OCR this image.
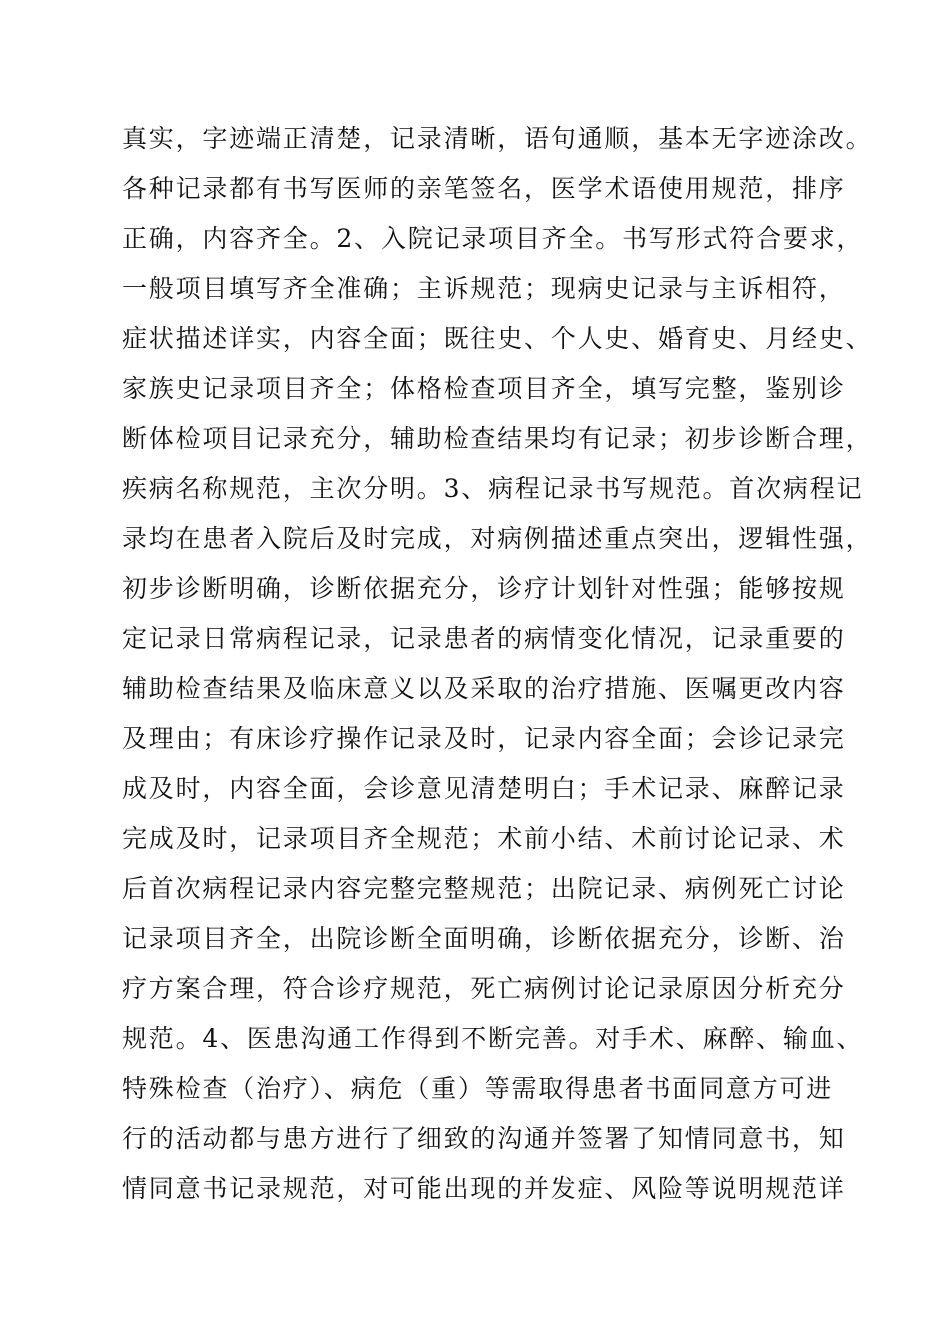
真实，字迹端正清楚，记录清晰，语句通顺，基本无字迹涂改。
各种记录都有书写医师的亲笔签名，医学术语使用规范，排序
正确，内容齐全。2、入院记录项目齐全。书写形式符合要求，
一般项目填写齐全准确；主诉规范；现病史记录与主诉相符，
症状描述详实，内容全面；既往史、个人史、婚育史、月经史、
家族史记录项目齐全；体格检查项目齐全，填写完整，鉴别诊
断体检项目记录充分，辅助检查结果均有记录；初步诊断合理，
疾病名称规范，主次分明。3、病程记录书写规范。首次病程记
录均在患者入院后及时完成，对病例描述重点突出，逻辑性强，
初步诊断明确，诊断依据充分，诊疗计划针对性强；能够按规
定记录日常病程记录，记录患者的病情变化情况，记录重要的
辅助检查结果及临床意义以及采取的治疗措施、医嘱更改内容
及理由；有床诊疗操作记录及时，记录内容全面；会诊记录完
成及时，内容全面，会诊意见清楚明白；手术记录、麻醉记录
完成及时，记录项目齐全规范；术前小结、术前讨论记录、术
后首次病程记录内容完整完整规范；出院记录、病例死亡讨论
记录项目齐全，出院诊断全面明确，诊断依据充分，诊断、治
疗方案合理，符合诊疗规范，死亡病例讨论记录原因分析充分
规范。4、医患沟通工作得到不断完善。对手术、麻醉、输血、
特殊检查（治疗）、病危（重）等需取得患者书面同意方可进
行的活动都与患方进行了细致的沟通并签署了知情同意书，知
情同意书记录规范，对可能出现的并发症、风险等说明规范详
